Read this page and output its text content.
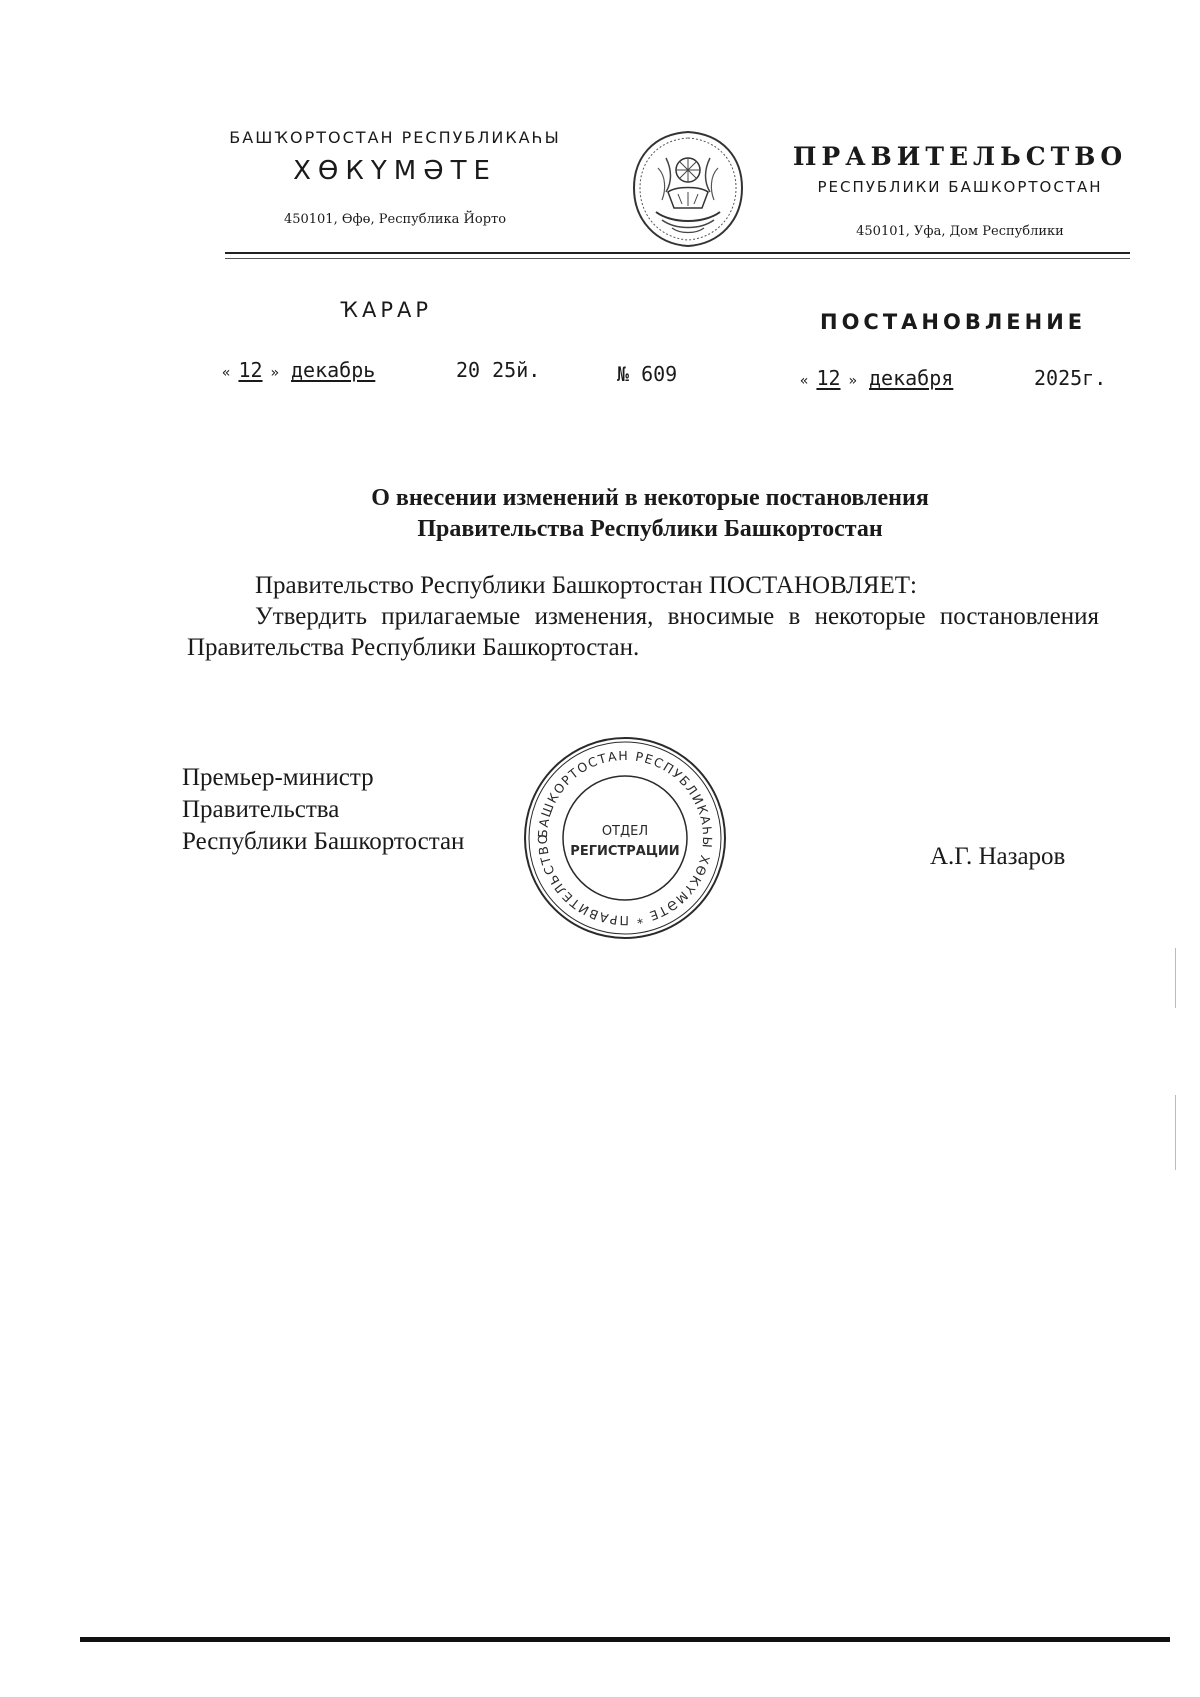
БАШҠОРТОСТАН РЕСПУБЛИКАҺЫ
ХӨКҮМӘТЕ
450101, Өфө, Республика Йорто
ПРАВИТЕЛЬСТВО
РЕСПУБЛИКИ БАШКОРТОСТАН
450101, Уфа, Дом Республики
ҠАРАР	ПОСТАНОВЛЕНИЕ
« 12 » декабрь	20 25й.	№ 609	« 12 » декабря	2025г.
О внесении изменений в некоторые постановления
Правительства Республики Башкортостан

Правительство Республики Башкортостан ПОСТАНОВЛЯЕТ:

Утвердить прилагаемые изменения, вносимые в некоторые постановления Правительства Республики Башкортостан.

Премьер-министр
Правительства
Республики Башкортостан
А.Г. Назаров
БАШКОРТОСТАН РЕСПУБЛИКАҺЫ ХӨКҮМӘТЕ * ПРАВИТЕЛЬСТВО	ОТДЕЛ
РЕГИСТРАЦИИ
